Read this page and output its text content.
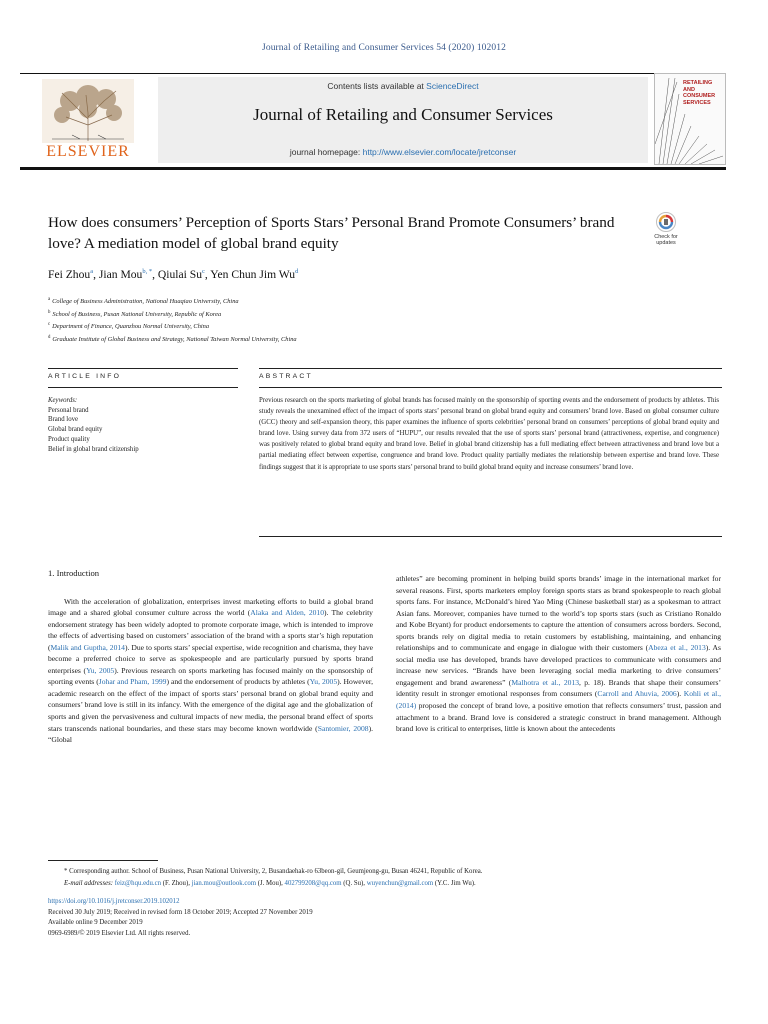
Journal of Retailing and Consumer Services 54 (2020) 102012
ELSEVIER
Contents lists available at ScienceDirect
Journal of Retailing and Consumer Services
journal homepage: http://www.elsevier.com/locate/jretconser
RETAILING AND CONSUMER SERVICES
How does consumers’ Perception of Sports Stars’ Personal Brand Promote Consumers’ brand love? A mediation model of global brand equity	Check for updates
Fei Zhou$^a$, Jian Mou$^{b, *}$, Qiulai Su$^c$, Yen Chun Jim Wu$^d$
$^a$ College of Business Administration, National Huaqiao University, China
$^b$ School of Business, Pusan National University, Republic of Korea
$^c$ Department of Finance, Quanzhou Normal University, China
$^d$ Graduate Institute of Global Business and Strategy, National Taiwan Normal University, China
ARTICLE INFO	ABSTRACT
Keywords:
Personal brand
Brand love
Global brand equity
Product quality
Belief in global brand citizenship
Previous research on the sports marketing of global brands has focused mainly on the sponsorship of sporting events and the endorsement of products by athletes. This study reveals the unexamined effect of the impact of sports stars’ personal brand on global brand equity and consumers’ brand love. Based on global consumer culture (GCC) theory and self-expansion theory, this paper examines the influence of sports celebrities’ personal brand on consumers’ perceptions of global brand equity and brand love. Using survey data from 372 users of “HUPU”, our results revealed that the use of sports stars’ personal brand (attractiveness, expertise, and congruence) was positively related to global brand equity and brand love. Belief in global brand citizenship has a full mediating effect between attractiveness and brand love but a partial mediating effect between expertise, congruence and brand love. Product quality partially mediates the relationship between expertise and brand love. These findings suggest that it is appropriate to use sports stars’ personal brand to build global brand equity and increase consumers’ brand love.
1. Introduction

With the acceleration of globalization, enterprises invest marketing efforts to build a global brand image and a shared global consumer culture across the world (Alaka and Alden, 2010). The celebrity endorsement strategy has been widely adopted to promote corporate image, which is intended to improve the effects of advertising based on customers’ association of the brand with a sports star’s high reputation (Malik and Guptha, 2014). Due to sports stars’ special expertise, wide recognition and charisma, they have become a preferred choice to serve as spokespeople and are particularly pursued by sports brand enterprises (Yu, 2005). Previous research on sports marketing has focused mainly on the sponsorship of sporting events (Johar and Pham, 1999) and the endorsement of products by athletes (Yu, 2005). However, academic research on the effect of the impact of sports stars’ personal brand on global brand equity and consumers’ brand love is still in its infancy. With the emergence of the digital age and the globalization of sports and given the pervasiveness and cultural impacts of new media, the personal brand effect of sports stars transcends national boundaries, and these stars may become known worldwide (Santomier, 2008). “Global

athletes” are becoming prominent in helping build sports brands’ image in the international market for several reasons. First, sports marketers employ foreign sports stars as brand spokespeople to reach global sports fans. For instance, McDonald’s hired Yao Ming (Chinese basketball star) as a spokesman to attract Asian fans. Moreover, companies have turned to the world’s top sports stars (such as Cristiano Ronaldo and Kobe Bryant) for product endorsements to capture the attention of consumers across borders. Second, sports brands rely on digital media to retain customers by establishing, maintaining, and enhancing relationships and to communicate and engage in dialogue with their customers (Abeza et al., 2013). As social media use has developed, brands have developed practices to communicate with consumers and increase new services. “Brands have been leveraging social media marketing to drive consumers’ engagement and brand awareness” (Malhotra et al., 2013, p. 18). Brands that shape their consumers’ identity result in stronger emotional responses from consumers (Carroll and Ahuvia, 2006). Kohli et al., (2014) proposed the concept of brand love, a positive emotion that reflects consumers’ trust, passion and attachment to a brand. Brand love is considered a strategic construct in brand management. Although brand love is critical to enterprises, little is known about the antecedents

* Corresponding author. School of Business, Pusan National University, 2, Busandaehak-ro 63beon-gil, Geumjeong-gu, Busan 46241, Republic of Korea.
E-mail addresses: feiz@hqu.edu.cn (F. Zhou), jian.mou@outlook.com (J. Mou), 402799208@qq.com (Q. Su), wuyenchun@gmail.com (Y.C. Jim Wu).
https://doi.org/10.1016/j.jretconser.2019.102012
Received 30 July 2019; Received in revised form 18 October 2019; Accepted 27 November 2019
Available online 9 December 2019
0969-6989/© 2019 Elsevier Ltd. All rights reserved.
